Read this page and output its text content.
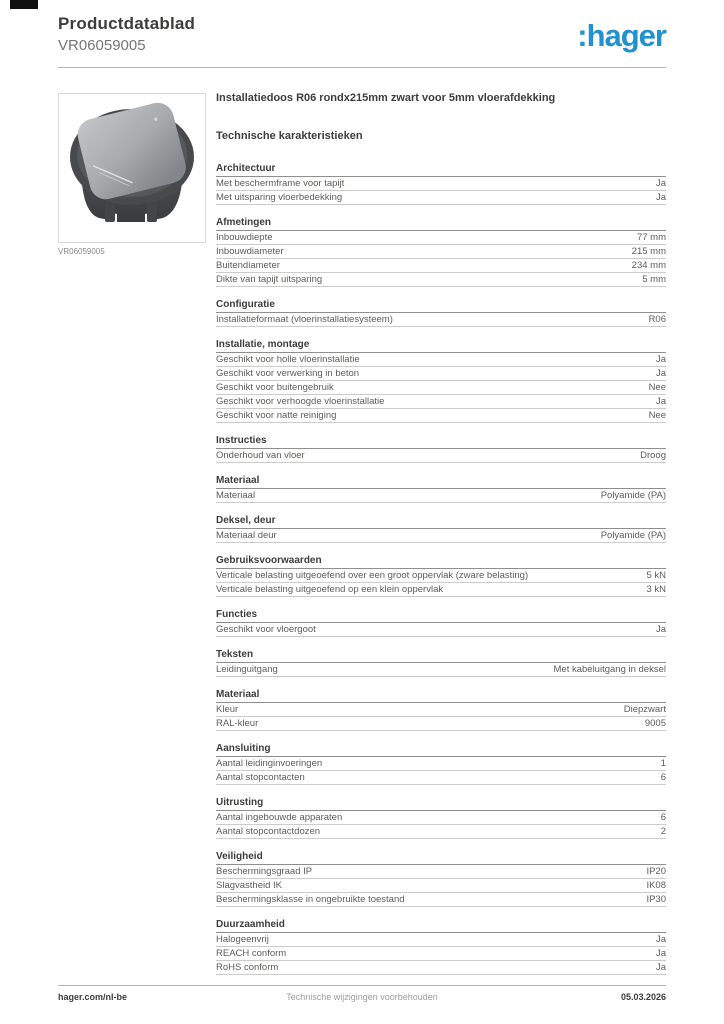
Productdatablad
VR06059005	:hager
VR06059005
Installatiedoos R06 rondx215mm zwart voor 5mm vloerafdekking
Technische karakteristieken
Architectuur
Met beschermframe voor tapijt	Ja
Met uitsparing vloerbedekking	Ja
Afmetingen
Inbouwdiepte	77 mm
Inbouwdiameter	215 mm
Buitendiameter	234 mm
Dikte van tapijt uitsparing	5 mm
Configuratie
Installatieformaat (vloerinstallatiesysteem)	R06
Installatie, montage
Geschikt voor holle vloerinstallatie	Ja
Geschikt voor verwerking in beton	Ja
Geschikt voor buitengebruik	Nee
Geschikt voor verhoogde vloerinstallatie	Ja
Geschikt voor natte reiniging	Nee
Instructies
Onderhoud van vloer	Droog
Materiaal
Materiaal	Polyamide (PA)
Deksel, deur
Materiaal deur	Polyamide (PA)
Gebruiksvoorwaarden
Verticale belasting uitgeoefend over een groot oppervlak (zware belasting)	5 kN
Verticale belasting uitgeoefend op een klein oppervlak	3 kN
Functies
Geschikt voor vloergoot	Ja
Teksten
Leidinguitgang	Met kabeluitgang in deksel
Materiaal
Kleur	Diepzwart
RAL-kleur	9005
Aansluiting
Aantal leidinginvoeringen	1
Aantal stopcontacten	6
Uitrusting
Aantal ingebouwde apparaten	6
Aantal stopcontactdozen	2
Veiligheid
Beschermingsgraad IP	IP20
Slagvastheid IK	IK08
Beschermingsklasse in ongebruikte toestand	IP30
Duurzaamheid
Halogeenvrij	Ja
REACH conform	Ja
RoHS conform	Ja
hager.com/nl-be	Technische wijzigingen voorbehouden	05.03.2026
